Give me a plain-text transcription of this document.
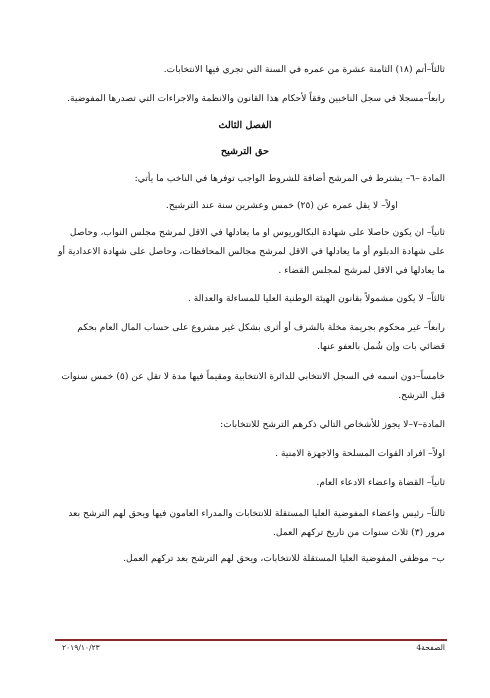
ثالثاً–أتم (١٨) الثامنة عشرة من عمره في السنة التي تجري فيها الانتخابات.

رابعاً–مسجلا في سجل الناخبين وفقاً لأحكام هذا القانون والانظمة والاجراءات التي تصدرها المفوضية.

الفصل الثالث

حق الترشيح

المادة –٦– يشترط في المرشح أضافة للشروط الواجب توفرها في الناخب ما يأتي:

اولاً– لا يقل عمره عن (٢٥) خمس وعشرين سنة عند الترشيح.

ثانياً– ان يكون حاصلا على شهادة البكالوريوس او ما يعادلها في الاقل لمرشح مجلس النواب، وحاصل

على شهادة الدبلوم أو ما يعادلها في الاقل لمرشح مجالس المحافظات، وحاصل على شهادة الاعدادية أو

ما يعادلها في الاقل لمرشح لمجلس القضاء .

ثالثاً– لا يكون مشمولاً بقانون الهيئة الوطنية العليا للمساءلة والعدالة .

رابعاً– غير محكوم بجريمة مخلة بالشرف أو أثرى بشكل غير مشروع على حساب المال العام بحكم

قضائي بات وإن شُمل بالعفو عنها.

خامساً–دون اسمه في السجل الانتخابي للدائرة الانتخابية ومقيماً فيها مدة لا تقل عن (٥) خمس سنوات

قبل الترشح.

المادة–٧–لا يجوز للأشخاص التالي ذكرهم الترشح للانتخابات:

اولاً– افراد القوات المسلحة والاجهزة الامنية .

ثانياً– القضاة واعضاء الادعاء العام.

ثالثاً– رئيس واعضاء المفوضية العليا المستقلة للانتخابات والمدراء العامون فيها ويحق لهم الترشح بعد

مرور (٣) ثلاث سنوات من تاريخ تركهم العمل.

ب– موظفي المفوضية العليا المستقلة للانتخابات، ويحق لهم الترشح بعد تركهم العمل.

الصفحة4
٢٠١٩/١٠/٢٣
